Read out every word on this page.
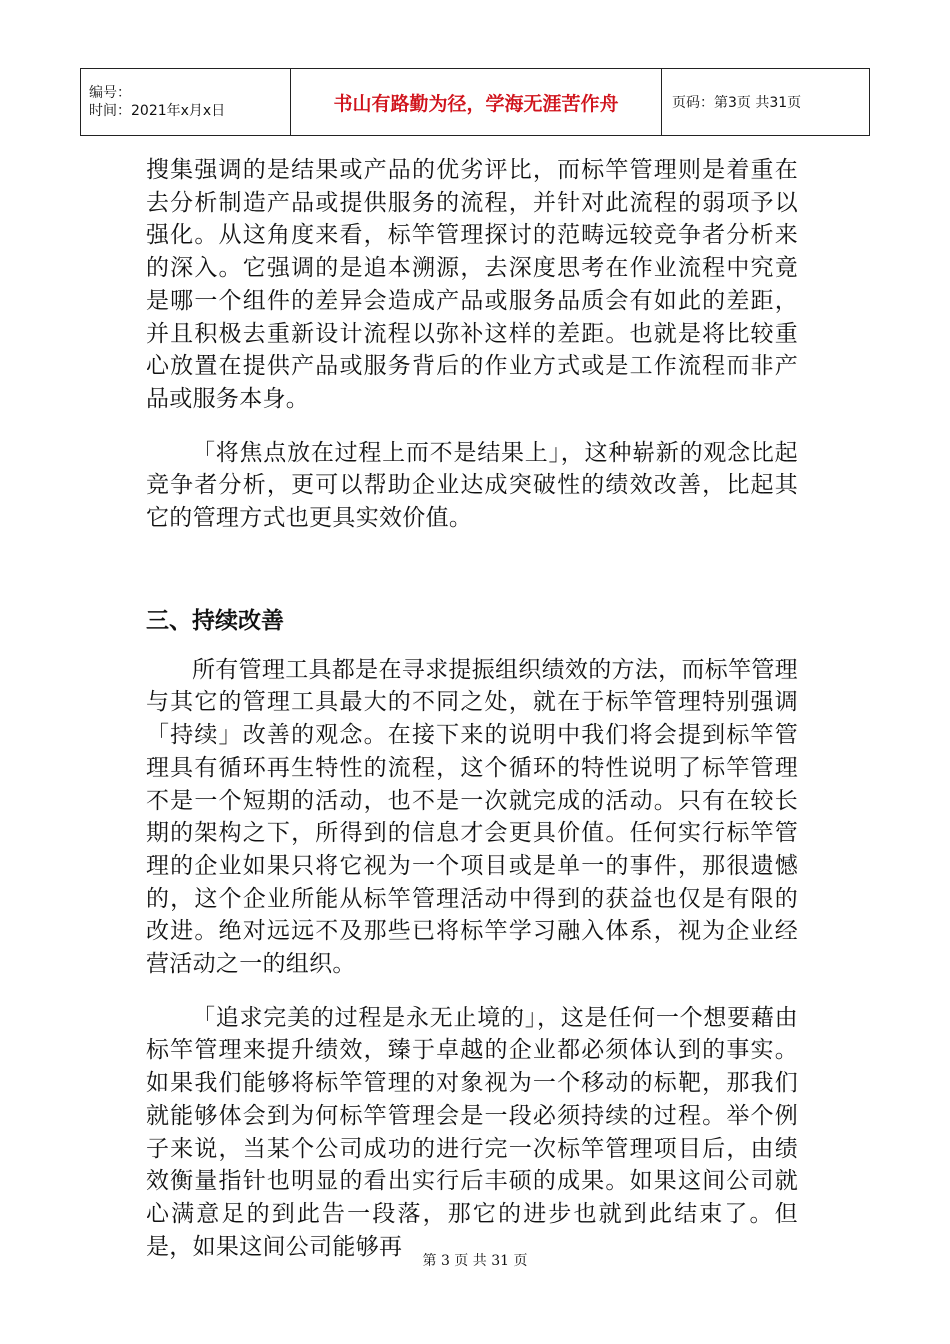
编号：
时间：2021年x月x日	书山有路勤为径，学海无涯苦作舟	页码：第3页 共31页

搜集强调的是结果或产品的优劣评比，而标竿管理则是着重在去分析制造产品或提供服务的流程，并针对此流程的弱项予以强化。从这角度来看，标竿管理探讨的范畴远较竞争者分析来的深入。它强调的是追本溯源，去深度思考在作业流程中究竟是哪一个组件的差异会造成产品或服务品质会有如此的差距，并且积极去重新设计流程以弥补这样的差距。也就是将比较重心放置在提供产品或服务背后的作业方式或是工作流程而非产品或服务本身。

「将焦点放在过程上而不是结果上」，这种崭新的观念比起竞争者分析，更可以帮助企业达成突破性的绩效改善，比起其它的管理方式也更具实效价值。

三、持续改善

所有管理工具都是在寻求提振组织绩效的方法，而标竿管理与其它的管理工具最大的不同之处，就在于标竿管理特别强调「持续」改善的观念。在接下来的说明中我们将会提到标竿管理具有循环再生特性的流程，这个循环的特性说明了标竿管理不是一个短期的活动，也不是一次就完成的活动。只有在较长期的架构之下，所得到的信息才会更具价值。任何实行标竿管理的企业如果只将它视为一个项目或是单一的事件，那很遗憾的，这个企业所能从标竿管理活动中得到的获益也仅是有限的改进。绝对远远不及那些已将标竿学习融入体系，视为企业经营活动之一的组织。

「追求完美的过程是永无止境的」，这是任何一个想要藉由标竿管理来提升绩效，臻于卓越的企业都必须体认到的事实。如果我们能够将标竿管理的对象视为一个移动的标靶，那我们就能够体会到为何标竿管理会是一段必须持续的过程。举个例子来说，当某个公司成功的进行完一次标竿管理项目后，由绩效衡量指针也明显的看出实行后丰硕的成果。如果这间公司就心满意足的到此告一段落，那它的进步也就到此结束了。但是，如果这间公司能够再

第 3 页 共 31 页
